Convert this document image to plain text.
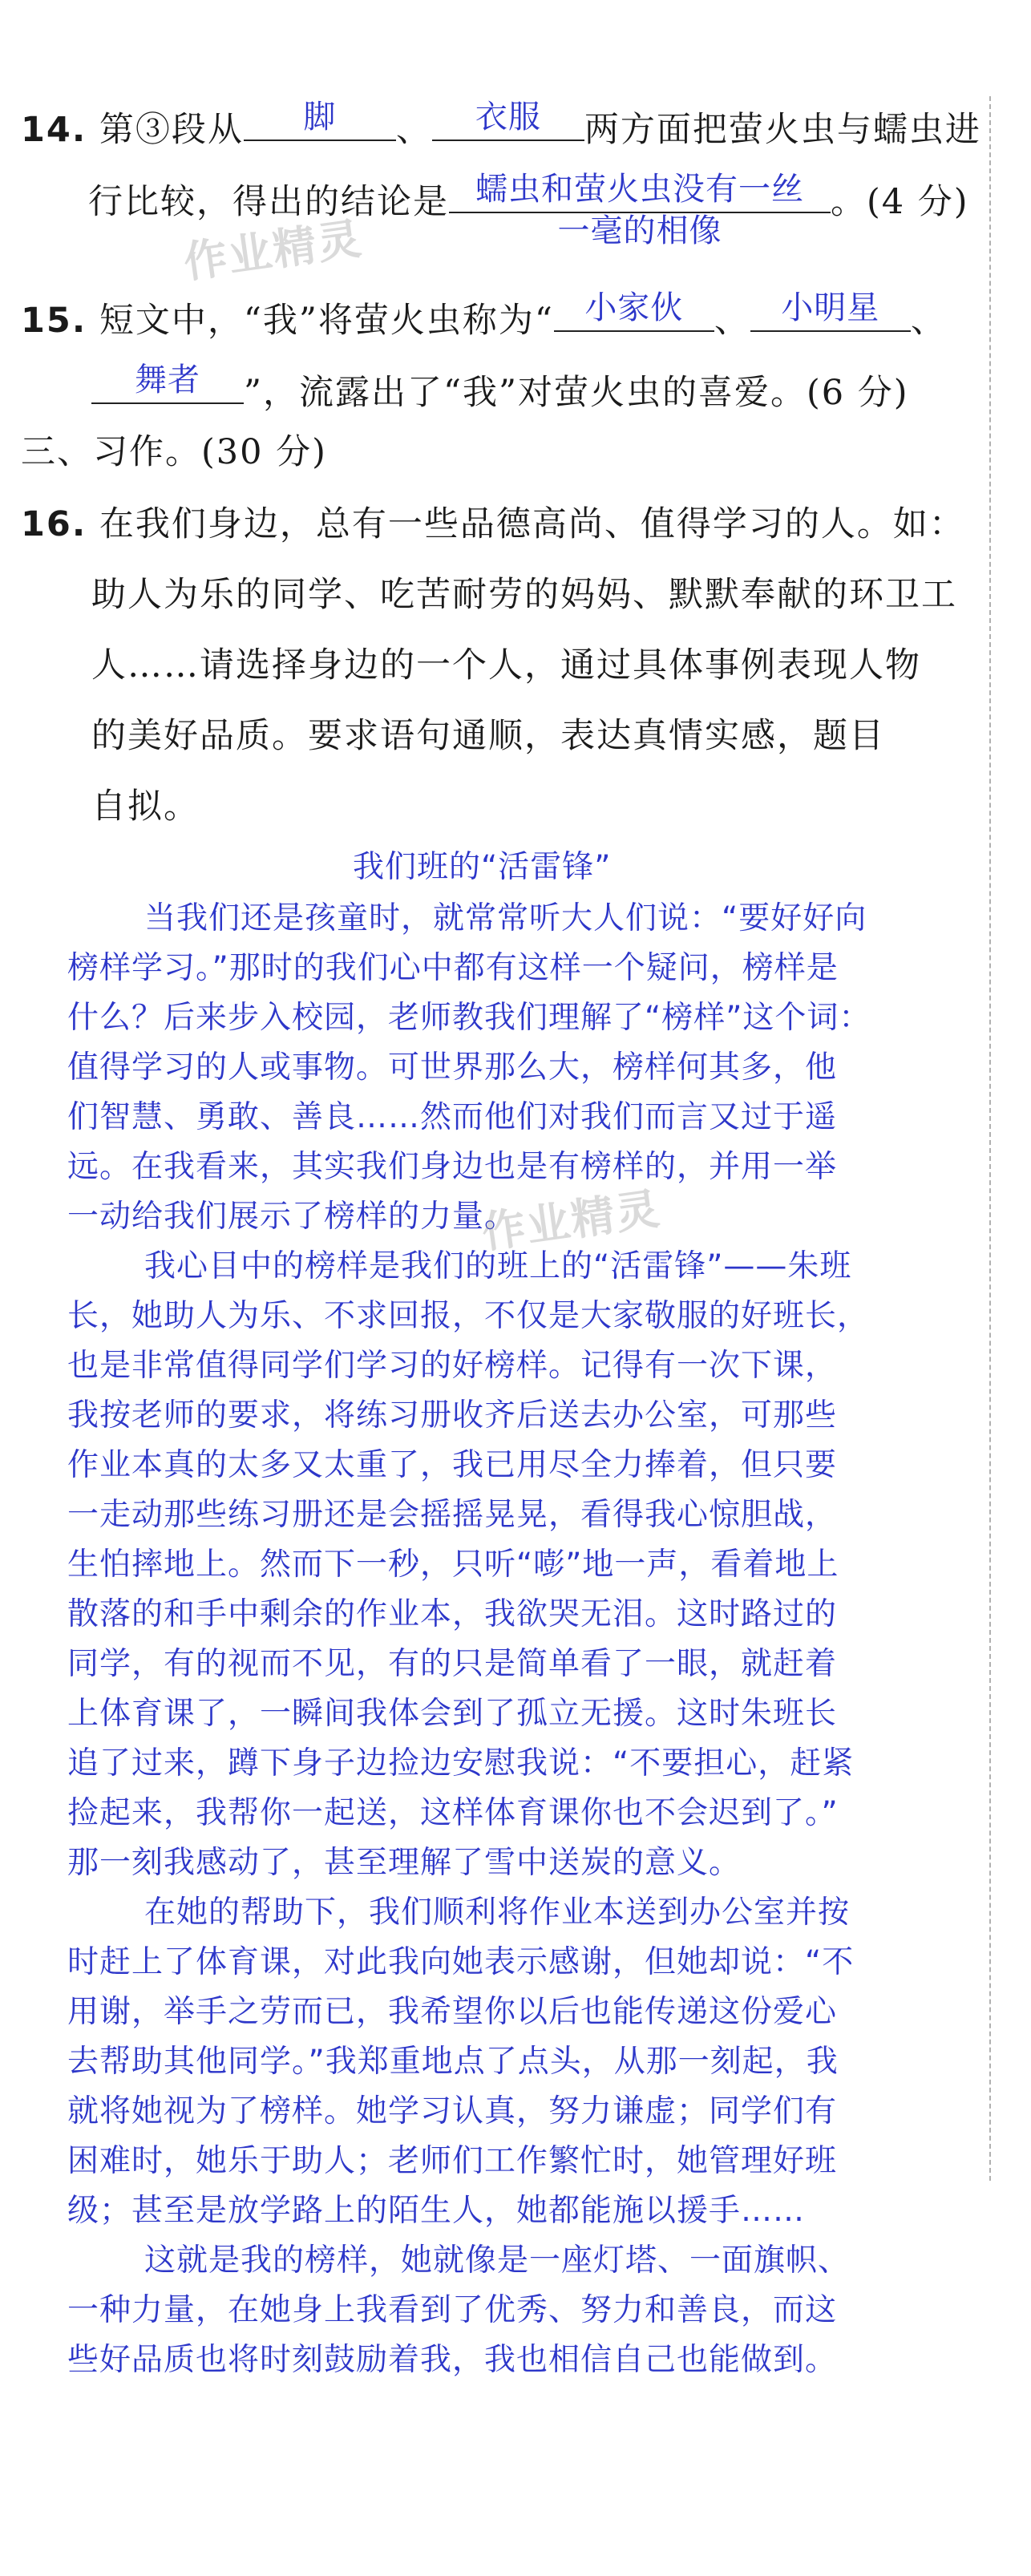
14. 第③段从	脚	、	衣服	两方面把萤火虫与蠕虫进
行比较，得出的结论是 蠕虫和萤火虫没有一丝
一毫的相像
。(4 分)
作业精灵
15. 短文中，“我”将萤火虫称为“ 小家伙 、 小明星 、
舞者	”，流露出了“我”对萤火虫的喜爱。(6 分)
三、习作。(30 分)
16. 在我们身边，总有一些品德高尚、值得学习的人。如：
助人为乐的同学、吃苦耐劳的妈妈、默默奉献的环卫工
人……请选择身边的一个人，通过具体事例表现人物
的美好品质。要求语句通顺，表达真情实感，题目
自拟。
我们班的“活雷锋”
当我们还是孩童时，就常常听大人们说：“要好好向
榜样学习。”那时的我们心中都有这样一个疑问，榜样是
什么？后来步入校园，老师教我们理解了“榜样”这个词：
值得学习的人或事物。可世界那么大，榜样何其多，他
们智慧、勇敢、善良……然而他们对我们而言又过于遥
远。在我看来，其实我们身边也是有榜样的，并用一举
一动给我们展示了榜样的力量。
作业精灵
我心目中的榜样是我们的班上的“活雷锋”——朱班
长，她助人为乐、不求回报，不仅是大家敬服的好班长，
也是非常值得同学们学习的好榜样。记得有一次下课，
我按老师的要求，将练习册收齐后送去办公室，可那些
作业本真的太多又太重了，我已用尽全力捧着，但只要
一走动那些练习册还是会摇摇晃晃，看得我心惊胆战，
生怕摔地上。然而下一秒，只听“嘭”地一声，看着地上
散落的和手中剩余的作业本，我欲哭无泪。这时路过的
同学，有的视而不见，有的只是简单看了一眼，就赶着
上体育课了，一瞬间我体会到了孤立无援。这时朱班长
追了过来，蹲下身子边捡边安慰我说：“不要担心，赶紧
捡起来，我帮你一起送，这样体育课你也不会迟到了。”
那一刻我感动了，甚至理解了雪中送炭的意义。
在她的帮助下，我们顺利将作业本送到办公室并按
时赶上了体育课，对此我向她表示感谢，但她却说：“不
用谢，举手之劳而已，我希望你以后也能传递这份爱心
去帮助其他同学。”我郑重地点了点头，从那一刻起，我
就将她视为了榜样。她学习认真，努力谦虚；同学们有
困难时，她乐于助人；老师们工作繁忙时，她管理好班
级；甚至是放学路上的陌生人，她都能施以援手……
这就是我的榜样，她就像是一座灯塔、一面旗帜、
一种力量，在她身上我看到了优秀、努力和善良，而这
些好品质也将时刻鼓励着我，我也相信自己也能做到。
